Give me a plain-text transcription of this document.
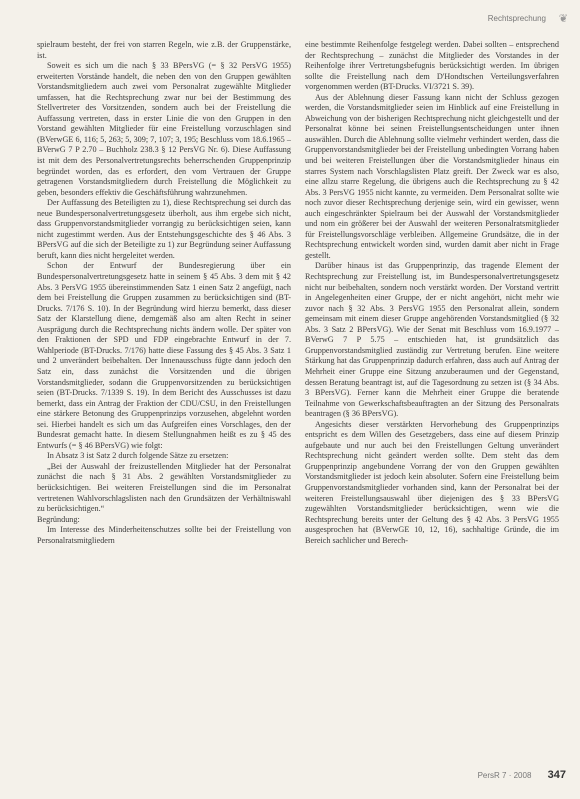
Rechtsprechung ❦

spielraum besteht, der frei von starren Regeln, wie z.B. der Gruppenstärke, ist.

Soweit es sich um die nach § 33 BPersVG (= § 32 PersVG 1955) erweiterten Vorstände handelt, die neben den von den Gruppen gewählten Vorstandsmitgliedern auch zwei vom Personalrat zugewählte Mitglieder umfassen, hat die Rechtsprechung zwar nur bei der Bestimmung des Stellvertreter des Vorsitzenden, sondern auch bei der Freistellung die Auffassung vertreten, dass in erster Linie die von den Gruppen in den Vorstand gewählten Mitglieder für eine Freistellung vorzuschlagen sind (BVerwGE 6, 116; 5, 263; 5, 309; 7, 107; 3, 195; Beschluss vom 18.6.1965 – BVerwG 7 P 2.70 – Buchholz 238.3 § 12 PersVG Nr. 6). Diese Auffassung ist mit dem des Personalvertretungsrechts beherrschenden Gruppenprinzip begründet worden, das es erfordert, den vom Vertrauen der Gruppe getragenen Vorstandsmitgliedern durch Freistellung die Möglichkeit zu geben, besonders effektiv die Geschäftsführung wahrzunehmen.

Der Auffassung des Beteiligten zu 1), diese Rechtsprechung sei durch das neue Bundespersonalvertretungsgesetz überholt, aus ihm ergebe sich nicht, dass Gruppenvorstandsmitglieder vorrangig zu berücksichtigen seien, kann nicht zugestimmt werden. Aus der Entstehungsgeschichte des § 46 Abs. 3 BPersVG auf die sich der Beteiligte zu 1) zur Begründung seiner Auffassung beruft, kann dies nicht hergeleitet werden.

Schon der Entwurf der Bundesregierung über ein Bundespersonalvertretungsgesetz hatte in seinem § 45 Abs. 3 dem mit § 42 Abs. 3 PersVG 1955 übereinstimmenden Satz 1 einen Satz 2 angefügt, nach dem bei Freistellung die Gruppen zusammen zu berücksichtigen sind (BT-Drucks. 7/176 S. 10). In der Begründung wird hierzu bemerkt, dass dieser Satz der Klarstellung diene, demgemäß also am alten Recht in seiner Ausprägung durch die Rechtsprechung nichts ändern wolle. Der später von den Fraktionen der SPD und FDP eingebrachte Entwurf in der 7. Wahlperiode (BT-Drucks. 7/176) hatte diese Fassung des § 45 Abs. 3 Satz 1 und 2 unverändert beibehalten. Der Innenausschuss fügte dann jedoch den Satz ein, dass zunächst die Vorsitzenden und die übrigen Vorstandsmitglieder, sodann die Gruppenvorsitzenden zu berücksichtigen seien (BT-Drucks. 7/1339 S. 19). In dem Bericht des Ausschusses ist dazu bemerkt, dass ein Antrag der Fraktion der CDU/CSU, in den Freistellungen eine stärkere Betonung des Gruppenprinzips vorzusehen, abgelehnt worden sei. Hierbei handelt es sich um das Aufgreifen eines Vorschlages, den der Bundesrat gemacht hatte. In diesem Stellungnahmen heißt es zu § 45 des Entwurfs (= § 46 BPersVG) wie folgt:

In Absatz 3 ist Satz 2 durch folgende Sätze zu ersetzen:

„Bei der Auswahl der freizustellenden Mitglieder hat der Personalrat zunächst die nach § 31 Abs. 2 gewählten Vorstandsmitglieder zu berücksichtigen. Bei weiteren Freistellungen sind die im Personalrat vertretenen Wahlvorschlagslisten nach den Grundsätzen der Verhältniswahl zu berücksichtigen.“

Begründung:

Im Interesse des Minderheitenschutzes sollte bei der Freistellung von Personalratsmitgliedern

eine bestimmte Reihenfolge festgelegt werden. Dabei sollten – entsprechend der Rechtsprechung – zunächst die Mitglieder des Vorstandes in der Reihenfolge ihrer Vertretungsbefugnis berücksichtigt werden. Im übrigen sollte die Freistellung nach dem D'Hondtschen Verteilungsverfahren vorgenommen werden (BT-Drucks. VI/3721 S. 39).

Aus der Ablehnung dieser Fassung kann nicht der Schluss gezogen werden, die Vorstandsmitglieder seien im Hinblick auf eine Freistellung in Abweichung von der bisherigen Rechtsprechung nicht gleichgestellt und der Personalrat könne bei seinen Freistellungsentscheidungen unter ihnen auswählen. Durch die Ablehnung sollte vielmehr verhindert werden, dass die Gruppenvorstandsmitglieder bei der Freistellung unbedingten Vorrang haben und bei weiteren Freistellungen über die Vorstandsmitglieder hinaus ein starres System nach Vorschlagslisten Platz greift. Der Zweck war es also, eine allzu starre Regelung, die übrigens auch die Rechtsprechung zu § 42 Abs. 3 PersVG 1955 nicht kannte, zu vermeiden. Dem Personalrat sollte wie noch zuvor dieser Rechtsprechung derjenige sein, wird ein gewisser, wenn auch eingeschränkter Spielraum bei der Auswahl der Vorstandsmitglieder und nom ein größerer bei der Auswahl der weiteren Personalratsmitglieder für Freistellungsvorschläge verbleiben. Allgemeine Grundsätze, die in der Rechtsprechung entwickelt worden sind, wurden damit aber nicht in Frage gestellt.

Darüber hinaus ist das Gruppenprinzip, das tragende Element der Rechtsprechung zur Freistellung ist, im Bundespersonalvertretungsgesetz nicht nur beibehalten, sondern noch verstärkt worden. Der Vorstand vertritt in Angelegenheiten einer Gruppe, der er nicht angehört, nicht mehr wie zuvor nach § 32 Abs. 3 PersVG 1955 den Personalrat allein, sondern gemeinsam mit einem dieser Gruppe angehörenden Vorstandsmitglied (§ 32 Abs. 3 Satz 2 BPersVG). Wie der Senat mit Beschluss vom 16.9.1977 – BVerwG 7 P 5.75 – entschieden hat, ist grundsätzlich das Gruppenvorstandsmitglied zuständig zur Vertretung berufen. Eine weitere Stärkung hat das Gruppenprinzip dadurch erfahren, dass auch auf Antrag der Mehrheit einer Gruppe eine Sitzung anzuberaumen und der Gegenstand, dessen Beratung beantragt ist, auf die Tagesordnung zu setzen ist (§ 34 Abs. 3 BPersVG). Ferner kann die Mehrheit einer Gruppe die beratende Teilnahme von Gewerkschaftsbeauftragten an der Sitzung des Personalrats beantragen (§ 36 BPersVG).

Angesichts dieser verstärkten Hervorhebung des Gruppenprinzips entspricht es dem Willen des Gesetzgebers, dass eine auf diesem Prinzip aufgebaute und nur auch bei den Freistellungen Geltung unverändert Rechtsprechung nicht geändert werden sollte. Dem steht das dem Gruppenprinzip angebundene Vorrang der von den Gruppen gewählten Vorstandsmitglieder ist jedoch kein absoluter. Sofern eine Freistellung beim Gruppenvorstandsmitglieder vorhanden sind, kann der Personalrat bei der weiteren Freistellungsauswahl über diejenigen des § 33 BPersVG zugewählten Vorstandsmitglieder berücksichtigen, wenn wie die Rechtsprechung bereits unter der Geltung des § 42 Abs. 3 PersVG 1955 ausgesprochen hat (BVerwGE 10, 12, 16), sachhaltige Gründe, die im Bereich sachlicher und Berech-

PersR 7 · 2008 347
